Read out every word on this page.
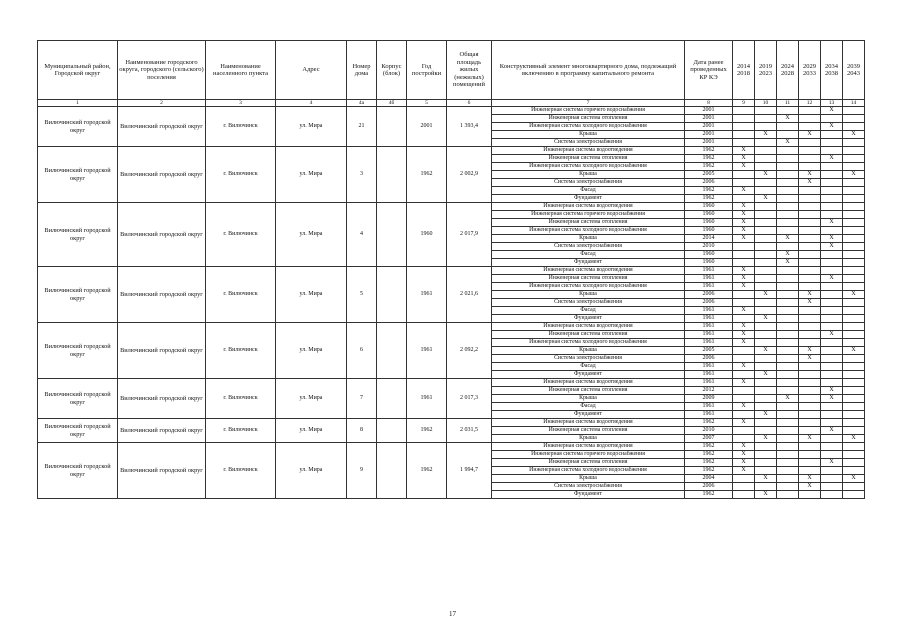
Муниципальный район, Городской округ	Наименование городского округа, городского (сельского) поселения	Наименование населенного пункта	Адрес	Номер дома	Корпус (блок)	Год постройки	Общая площадь жилых (нежилых) помещений	Конструктивный элемент многоквартирного дома, подлежащий включению в программу капитального ремонта	Дата ранее проведенных КР КЭ	2014 2018	2019 2023	2024 2028	2029 2033	2034 2038	2039 2043
1	2	3	4	4а	4б	5	6	7	8	9	10	11	12	13	14
Вилючинский городской округ	Вилючинский городской округ	г. Вилючинск	ул. Мира	21		2001	1 393,4	Инженерная система горячего водоснабжения	2001					X	
								Инженерная система отопления	2001			X			
								Инженерная система холодного водоснабжения	2001					X	
								Крыша	2001		X		X		X
								Система электроснабжения	2001			X			
Вилючинский городской округ	Вилючинский городской округ	г. Вилючинск	ул. Мира	3		1962	2 002,9	Инженерная система водоотведения	1962	X					
								Инженерная система отопления	1962	X				X	
								Инженерная система холодного водоснабжения	1962	X					
								Крыша	2005		X		X		X
								Система электроснабжения	2006				X		
								Фасад	1962	X					
								Фундамент	1962		X				
Вилючинский городской округ	Вилючинский городской округ	г. Вилючинск	ул. Мира	4		1960	2 017,9	Инженерная система водоотведения	1960	X					
								Инженерная система горячего водоснабжения	1960	X					
								Инженерная система отопления	1960	X				X	
								Инженерная система холодного водоснабжения	1960	X					
								Крыша	2014	X		X		X	
								Система электроснабжения	2010					X	
								Фасад	1960			X			
								Фундамент	1960			X			
Вилючинский городской округ	Вилючинский городской округ	г. Вилючинск	ул. Мира	5		1961	2 021,6	Инженерная система водоотведения	1961	X					
								Инженерная система отопления	1961	X				X	
								Инженерная система холодного водоснабжения	1961	X					
								Крыша	2006		X		X		X
								Система электроснабжения	2006				X		
								Фасад	1961	X					
								Фундамент	1961		X				
Вилючинский городской округ	Вилючинский городской округ	г. Вилючинск	ул. Мира	6		1961	2 092,2	Инженерная система водоотведения	1961	X					
								Инженерная система отопления	1961	X				X	
								Инженерная система холодного водоснабжения	1961	X					
								Крыша	2005		X		X		X
								Система электроснабжения	2006				X		
								Фасад	1961	X					
								Фундамент	1961		X				
Вилючинский городской округ	Вилючинский городской округ	г. Вилючинск	ул. Мира	7		1961	2 017,3	Инженерная система водоотведения	1961	X					
								Инженерная система отопления	2012					X	
								Крыша	2009			X		X	
								Фасад	1961	X					
								Фундамент	1961		X				
Вилючинский городской округ	Вилючинский городской округ	г. Вилючинск	ул. Мира	8		1962	2 031,5	Инженерная система водоотведения	1962	X					
								Инженерная система отопления	2010					X	
								Крыша	2007		X		X		X
Вилючинский городской округ	Вилючинский городской округ	г. Вилючинск	ул. Мира	9		1962	1 994,7	Инженерная система водоотведения	1962	X					
								Инженерная система горячего водоснабжения	1962	X					
								Инженерная система отопления	1962	X				X	
								Инженерная система холодного водоснабжения	1962	X					
								Крыша	2004		X		X		X
								Система электроснабжения	2006				X		
								Фундамент	1962		X				
17
